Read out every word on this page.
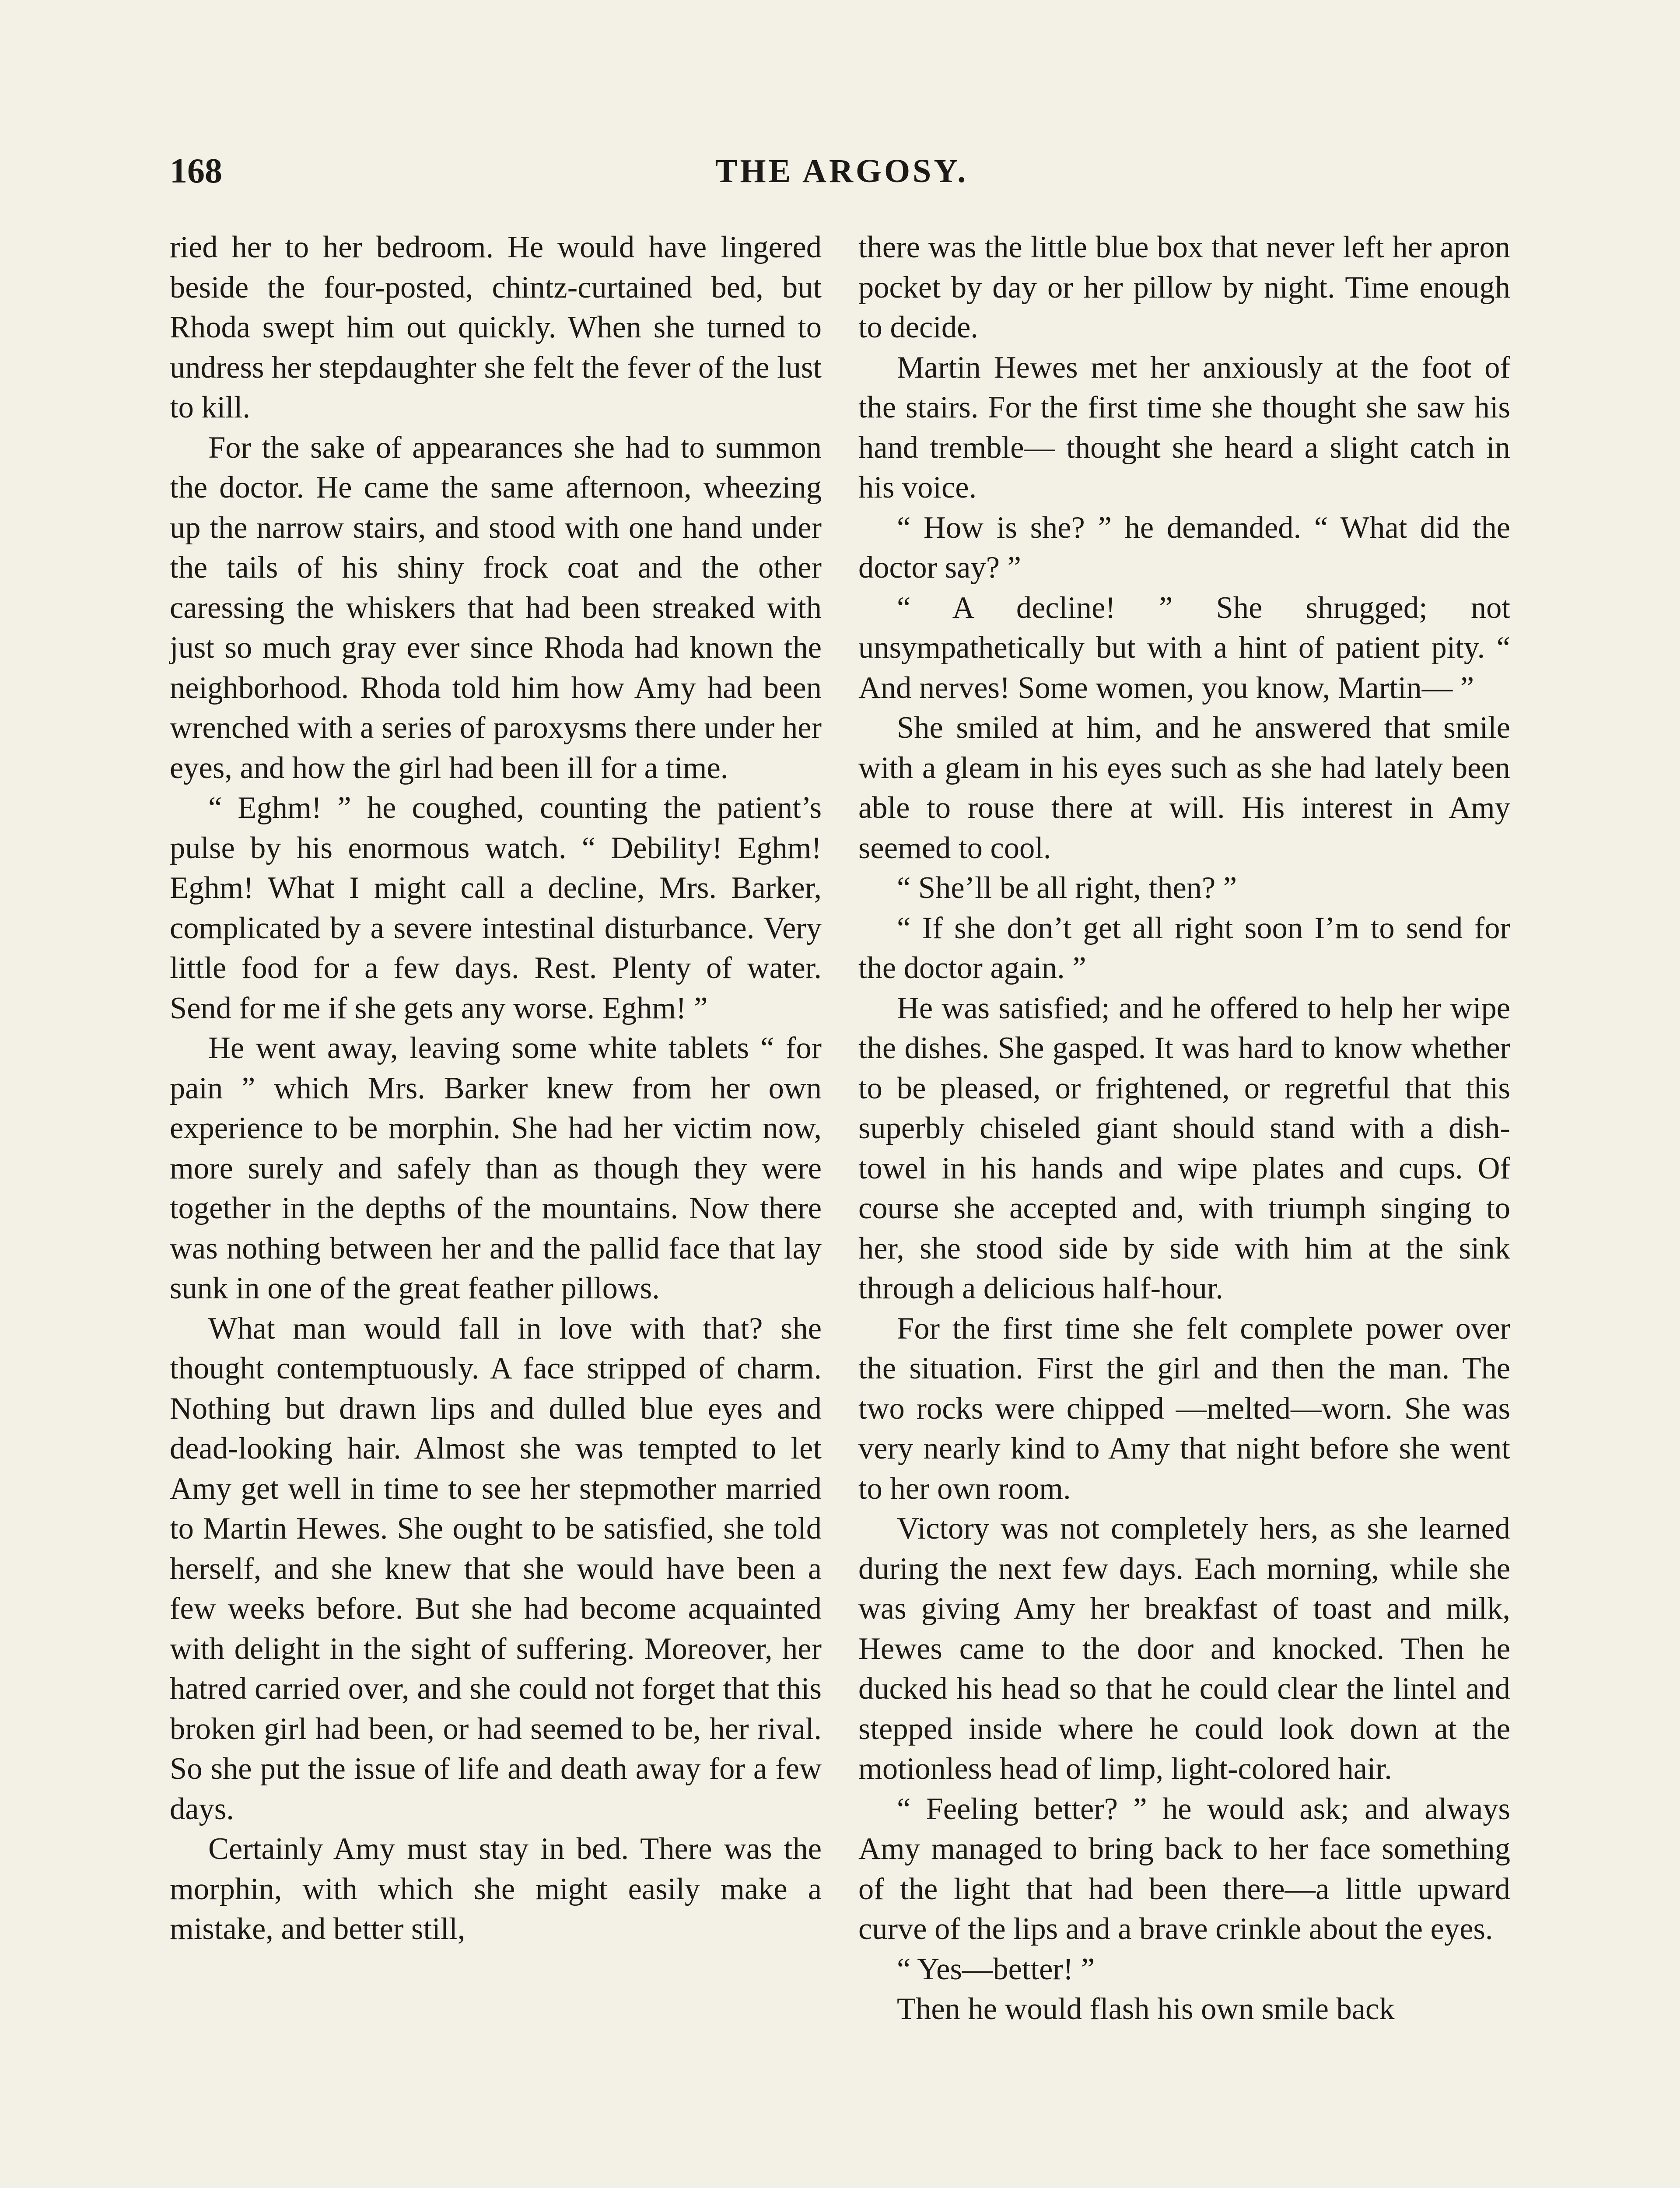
168	THE ARGOSY.

ried her to her bedroom. He would have lingered beside the four-posted, chintz-curtained bed, but Rhoda swept him out quickly. When she turned to undress her stepdaughter she felt the fever of the lust to kill.

For the sake of appearances she had to summon the doctor. He came the same afternoon, wheezing up the narrow stairs, and stood with one hand under the tails of his shiny frock coat and the other caressing the whiskers that had been streaked with just so much gray ever since Rhoda had known the neighborhood. Rhoda told him how Amy had been wrenched with a series of paroxysms there under her eyes, and how the girl had been ill for a time.

“ Eghm! ” he coughed, counting the patient’s pulse by his enormous watch. “ Debility! Eghm! Eghm! What I might call a decline, Mrs. Barker, complicated by a severe intestinal disturbance. Very little food for a few days. Rest. Plenty of water. Send for me if she gets any worse. Eghm! ”

He went away, leaving some white tablets “ for pain ” which Mrs. Barker knew from her own experience to be morphin. She had her victim now, more surely and safely than as though they were together in the depths of the mountains. Now there was nothing between her and the pallid face that lay sunk in one of the great feather pillows.

What man would fall in love with that? she thought contemptuously. A face stripped of charm. Nothing but drawn lips and dulled blue eyes and dead-looking hair. Almost she was tempted to let Amy get well in time to see her stepmother married to Martin Hewes. She ought to be satisfied, she told herself, and she knew that she would have been a few weeks before. But she had become acquainted with delight in the sight of suffering. Moreover, her hatred carried over, and she could not forget that this broken girl had been, or had seemed to be, her rival. So she put the issue of life and death away for a few days.

Certainly Amy must stay in bed. There was the morphin, with which she might easily make a mistake, and better still,

there was the little blue box that never left her apron pocket by day or her pillow by night. Time enough to decide.

Martin Hewes met her anxiously at the foot of the stairs. For the first time she thought she saw his hand tremble— thought she heard a slight catch in his voice.

“ How is she? ” he demanded. “ What did the doctor say? ”

“ A decline! ” She shrugged; not unsympathetically but with a hint of patient pity. “ And nerves! Some women, you know, Martin— ”

She smiled at him, and he answered that smile with a gleam in his eyes such as she had lately been able to rouse there at will. His interest in Amy seemed to cool.

“ She’ll be all right, then? ”

“ If she don’t get all right soon I’m to send for the doctor again. ”

He was satisfied; and he offered to help her wipe the dishes. She gasped. It was hard to know whether to be pleased, or frightened, or regretful that this superbly chiseled giant should stand with a dish-towel in his hands and wipe plates and cups. Of course she accepted and, with triumph singing to her, she stood side by side with him at the sink through a delicious half-hour.

For the first time she felt complete power over the situation. First the girl and then the man. The two rocks were chipped —melted—worn. She was very nearly kind to Amy that night before she went to her own room.

Victory was not completely hers, as she learned during the next few days. Each morning, while she was giving Amy her breakfast of toast and milk, Hewes came to the door and knocked. Then he ducked his head so that he could clear the lintel and stepped inside where he could look down at the motionless head of limp, light-colored hair.

“ Feeling better? ” he would ask; and always Amy managed to bring back to her face something of the light that had been there—a little upward curve of the lips and a brave crinkle about the eyes.

“ Yes—better! ”

Then he would flash his own smile back
